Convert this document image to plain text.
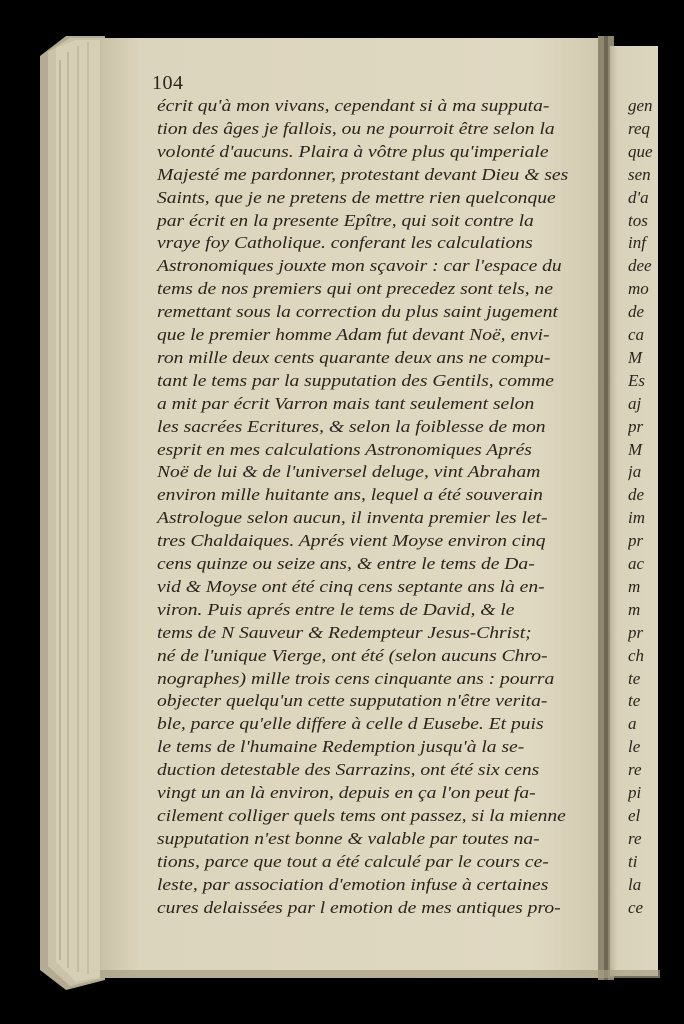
104
écrit qu'à mon vivans, cependant si à ma supputa-
tion des âges je fallois, ou ne pourroit être selon la
volonté d'aucuns. Plaira à vôtre plus qu'imperiale
Majesté me pardonner, protestant devant Dieu & ses
Saints, que je ne pretens de mettre rien quelconque
par écrit en la presente Epître, qui soit contre la
vraye foy Catholique. conferant les calculations
Astronomiques jouxte mon sçavoir : car l'espace du
tems de nos premiers qui ont precedez sont tels, ne
remettant sous la correction du plus saint jugement
que le premier homme Adam fut devant Noë, envi-
ron mille deux cents quarante deux ans ne compu-
tant le tems par la supputation des Gentils, comme
a mit par écrit Varron mais tant seulement selon
les sacrées Ecritures, & selon la foiblesse de mon
esprit en mes calculations Astronomiques Aprés
Noë de lui & de l'universel deluge, vint Abraham
environ mille huitante ans, lequel a été souverain
Astrologue selon aucun, il inventa premier les let-
tres Chaldaiques. Aprés vient Moyse environ cinq
cens quinze ou seize ans, & entre le tems de Da-
vid & Moyse ont été cinq cens septante ans là en-
viron. Puis aprés entre le tems de David, & le
tems de N Sauveur & Redempteur Jesus-Christ;
né de l'unique Vierge, ont été (selon aucuns Chro-
nographes) mille trois cens cinquante ans : pourra
objecter quelqu'un cette supputation n'être verita-
ble, parce qu'elle differe à celle d Eusebe. Et puis
le tems de l'humaine Redemption jusqu'à la se-
duction detestable des Sarrazins, ont été six cens
vingt un an là environ, depuis en ça l'on peut fa-
cilement colliger quels tems ont passez, si la mienne
supputation n'est bonne & valable par toutes na-
tions, parce que tout a été calculé par le cours ce-
leste, par association d'emotion infuse à certaines
cures delaissées par l emotion de mes antiques pro-
gen
req
que
sen
d'a
tos
inf
dee
mo
de
ca
M
Es
aj
pr
M
ja
de
im
pr
ac
m
m
pr
ch
te
te
a
le
re
pi
el
re
ti
la
ce
